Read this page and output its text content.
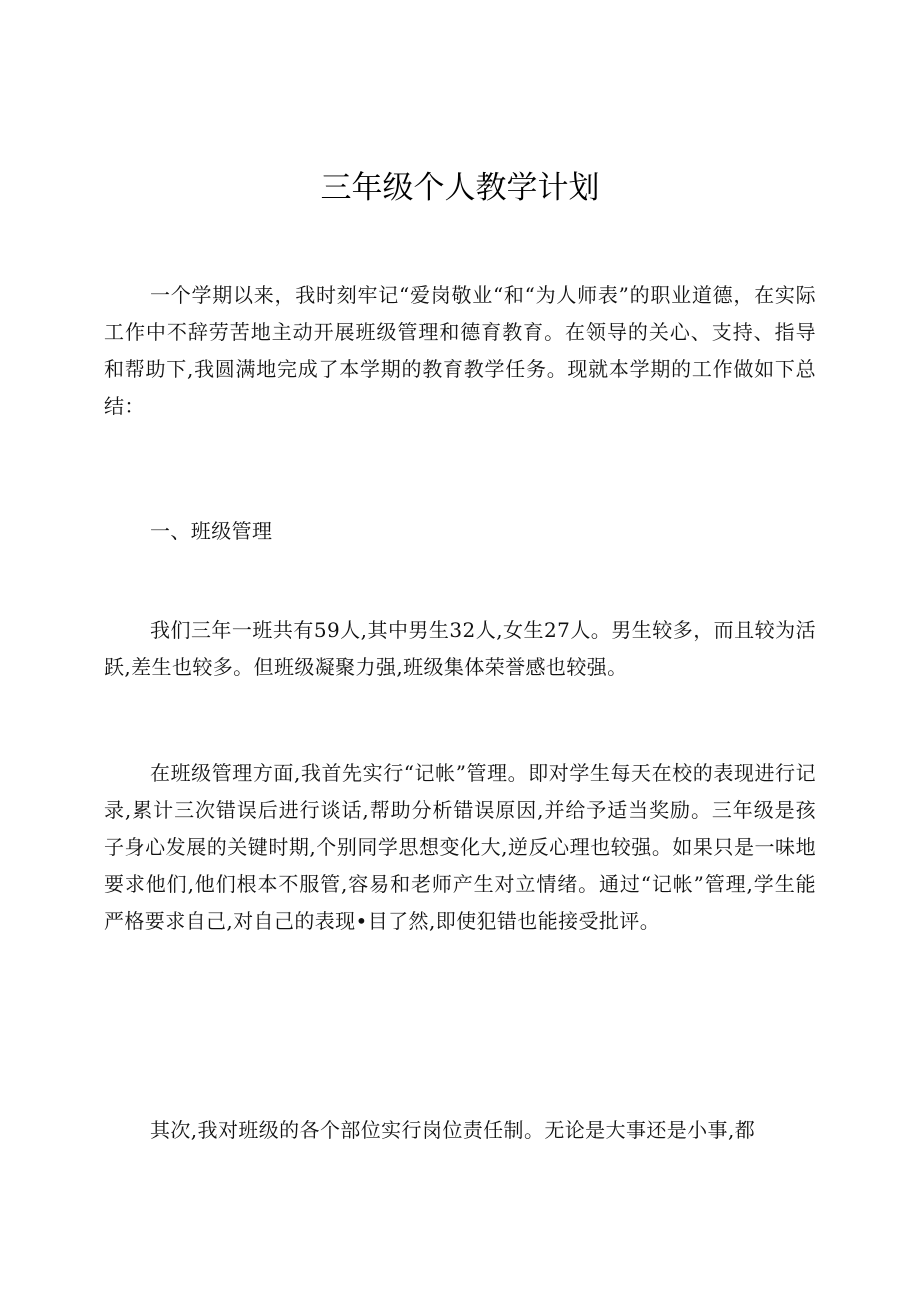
三年级个人教学计划

一个学期以来，我时刻牢记“爱岗敬业“和“为人师表”的职业道德，在实际工作中不辞劳苦地主动开展班级管理和德育教育。在领导的关心、支持、指导和帮助下,我圆满地完成了本学期的教育教学任务。现就本学期的工作做如下总结：

一、班级管理

我们三年一班共有59人,其中男生32人,女生27人。男生较多，而且较为活跃,差生也较多。但班级凝聚力强,班级集体荣誉感也较强。

在班级管理方面,我首先实行“记帐”管理。即对学生每天在校的表现进行记录,累计三次错误后进行谈话,帮助分析错误原因,并给予适当奖励。三年级是孩子身心发展的关键时期,个别同学思想变化大,逆反心理也较强。如果只是一味地要求他们,他们根本不服管,容易和老师产生对立情绪。通过“记帐”管理,学生能严格要求自己,对自己的表现•目了然,即使犯错也能接受批评。

其次,我对班级的各个部位实行岗位责任制。无论是大事还是小事,都
